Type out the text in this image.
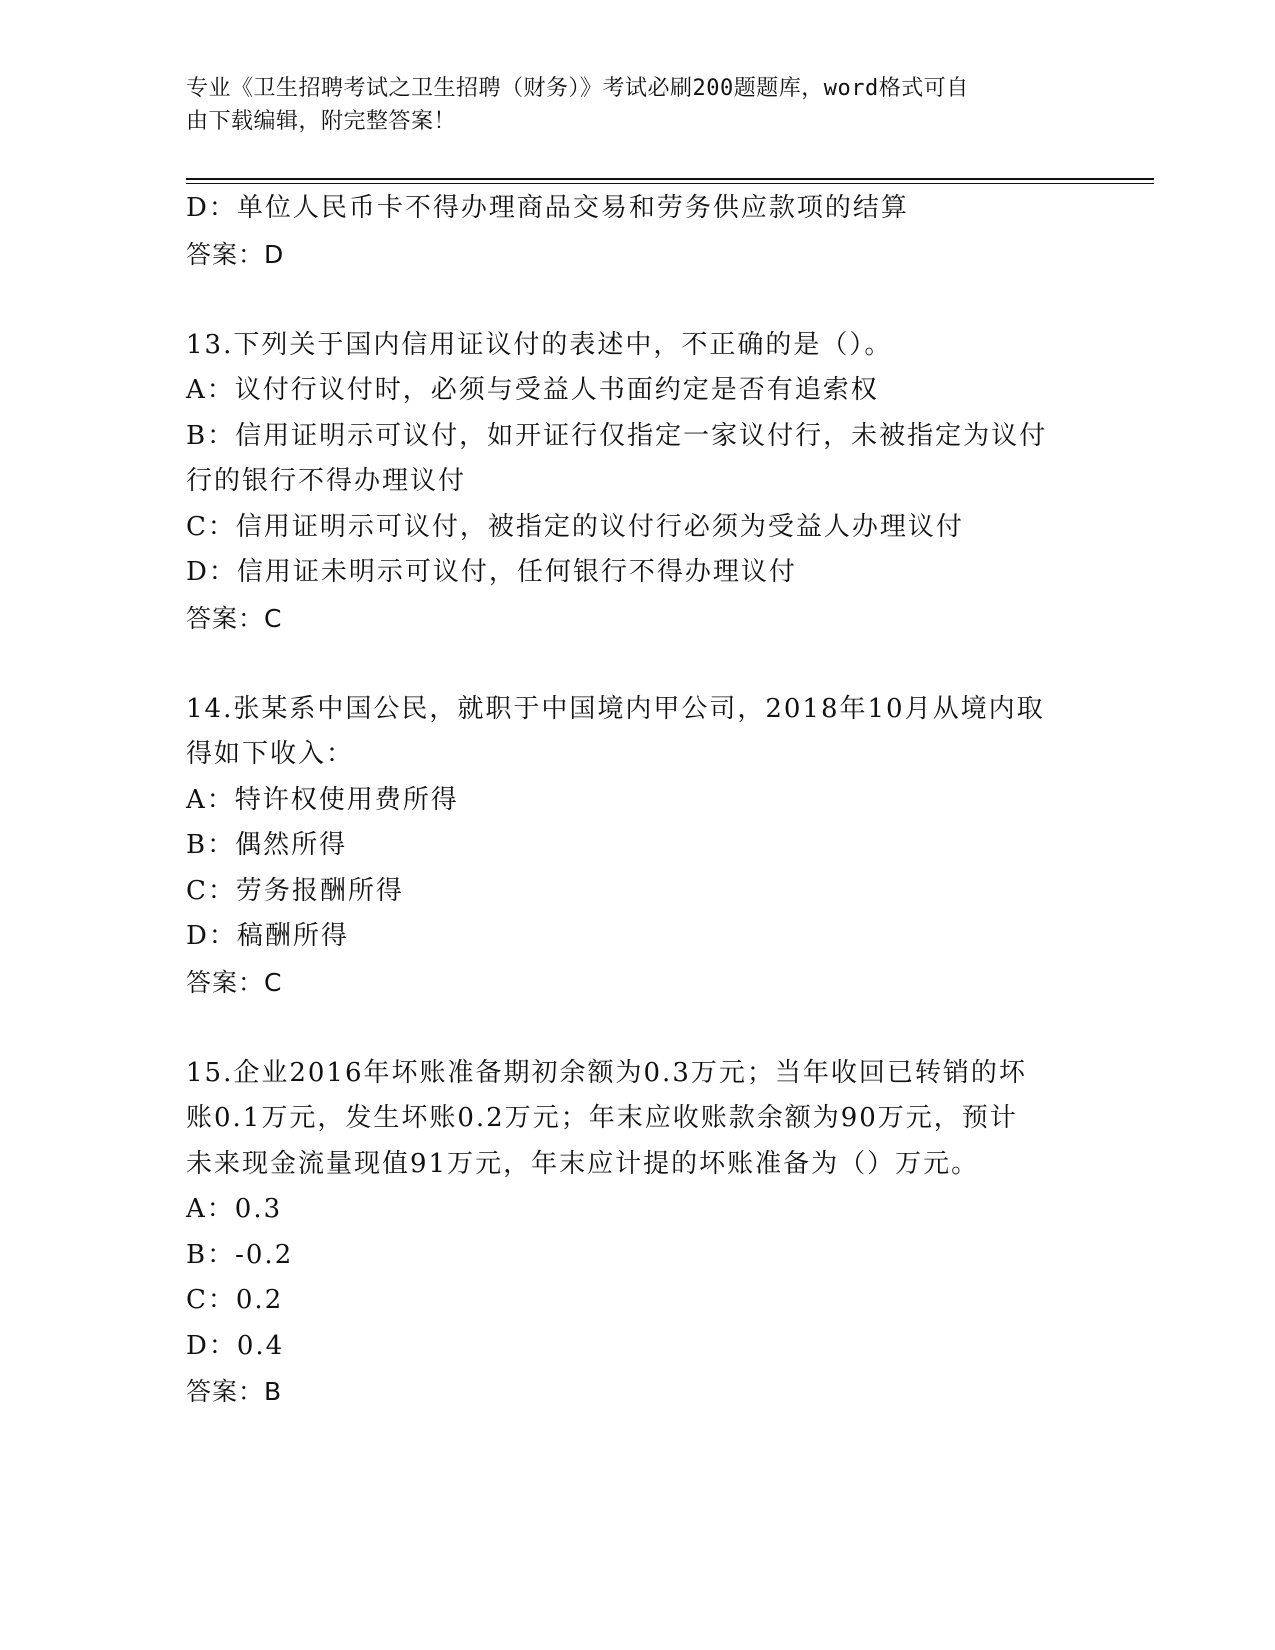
专业《卫生招聘考试之卫生招聘（财务）》考试必刷200题题库，word格式可自
由下载编辑，附完整答案！
D：单位人民币卡不得办理商品交易和劳务供应款项的结算
答案：D
13.下列关于国内信用证议付的表述中，不正确的是（）。
A：议付行议付时，必须与受益人书面约定是否有追索权
B：信用证明示可议付，如开证行仅指定一家议付行，未被指定为议付
行的银行不得办理议付
C：信用证明示可议付，被指定的议付行必须为受益人办理议付
D：信用证未明示可议付，任何银行不得办理议付
答案：C
14.张某系中国公民，就职于中国境内甲公司，2018年10月从境内取
得如下收入：
A：特许权使用费所得
B：偶然所得
C：劳务报酬所得
D：稿酬所得
答案：C
15.企业2016年坏账准备期初余额为0.3万元；当年收回已转销的坏
账0.1万元，发生坏账0.2万元；年末应收账款余额为90万元，预计
未来现金流量现值91万元，年末应计提的坏账准备为（）万元。
A：0.3
B：-0.2
C：0.2
D：0.4
答案：B
